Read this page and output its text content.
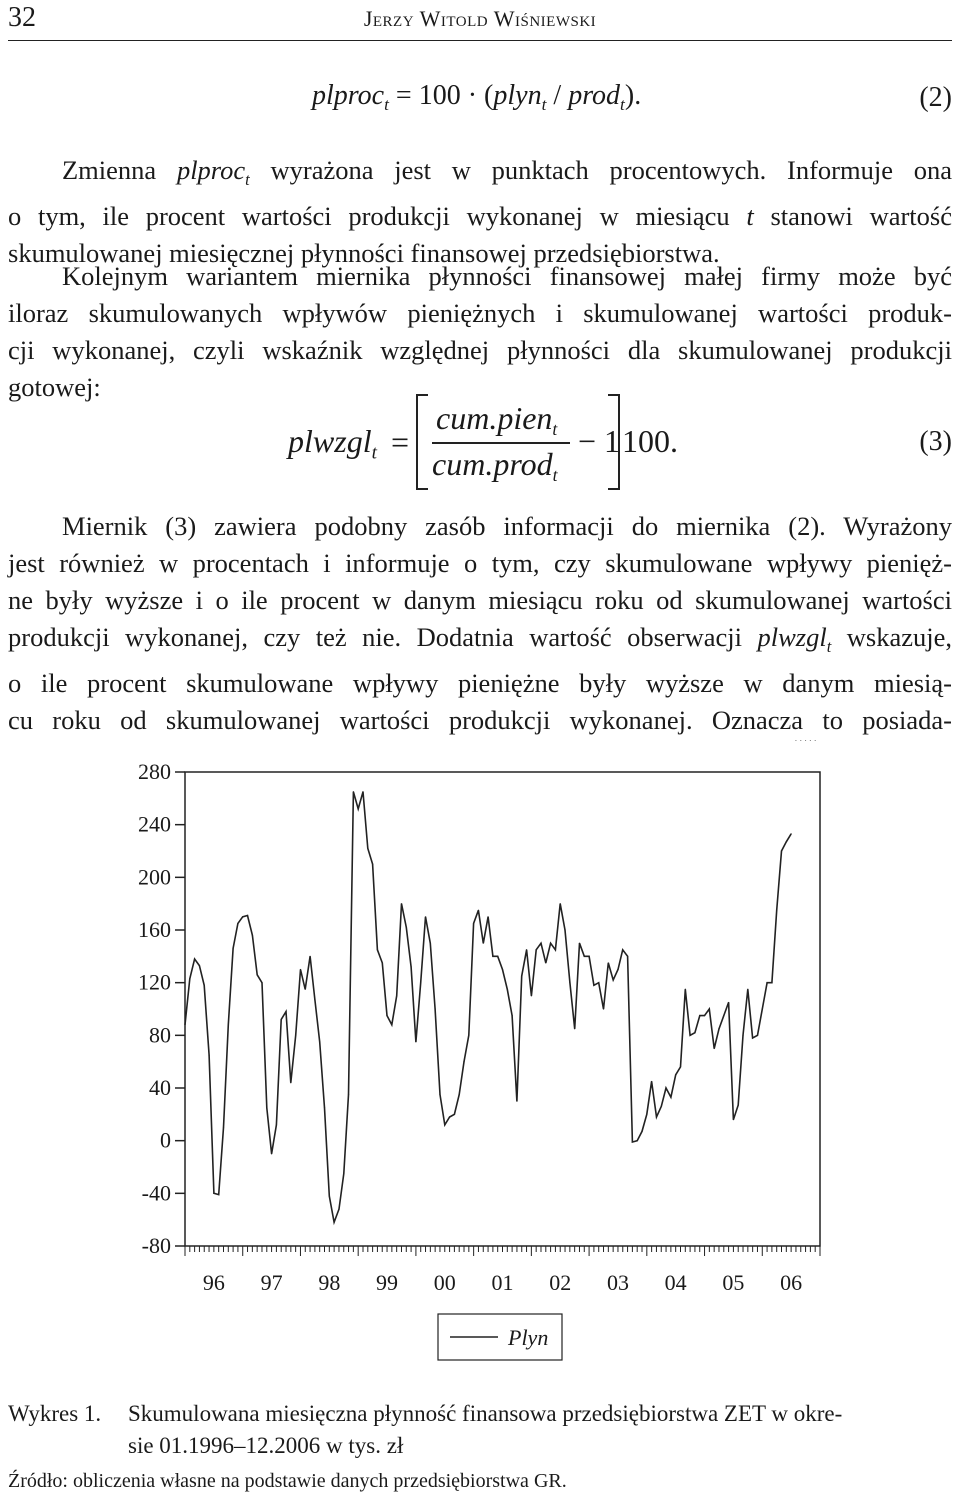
32	Jerzy Witold Wiśniewski
plproc$_t$ = 100 · (plyn$_t$ / prod$_t$).	(2)
Zmienna plproc$_t$ wyrażona jest w punktach procentowych. Informuje ona
o tym, ile procent wartości produkcji wykonanej w miesiącu t stanowi wartość
skumulowanej miesięcznej płynności finansowej przedsiębiorstwa.
Kolejnym wariantem miernika płynności finansowej małej firmy może być
iloraz skumulowanych wpływów pieniężnych i skumulowanej wartości produk-
cji wykonanej, czyli wskaźnik względnej płynności dla skumulowanej produkcji
gotowej:
plwzgl$_t$ =
cum.pien$_t$
cum.prod$_t$
− 1 100.	(3)
Miernik (3) zawiera podobny zasób informacji do miernika (2). Wyrażony
jest również w procentach i informuje o tym, czy skumulowane wpływy pienięż-
ne były wyższe i o ile procent w danym miesiącu roku od skumulowanej wartości
produkcji wykonanej, czy też nie. Dodatnia wartość obserwacji plwzgl$_t$ wskazuje,
o ile procent skumulowane wpływy pieniężne były wyższe w danym miesią-
cu roku od skumulowanej wartości produkcji wykonanej. Oznacza to posiada-
280
240
200
160
120
80
40
0
-40
-80
96 97 98 99 00 01 02 03 04 05 06
Plyn
Wykres 1.	Skumulowana miesięczna płynność finansowa przedsiębiorstwa ZET w okre-
sie 01.1996–12.2006 w tys. zł
Źródło: obliczenia własne na podstawie danych przedsiębiorstwa GR.
